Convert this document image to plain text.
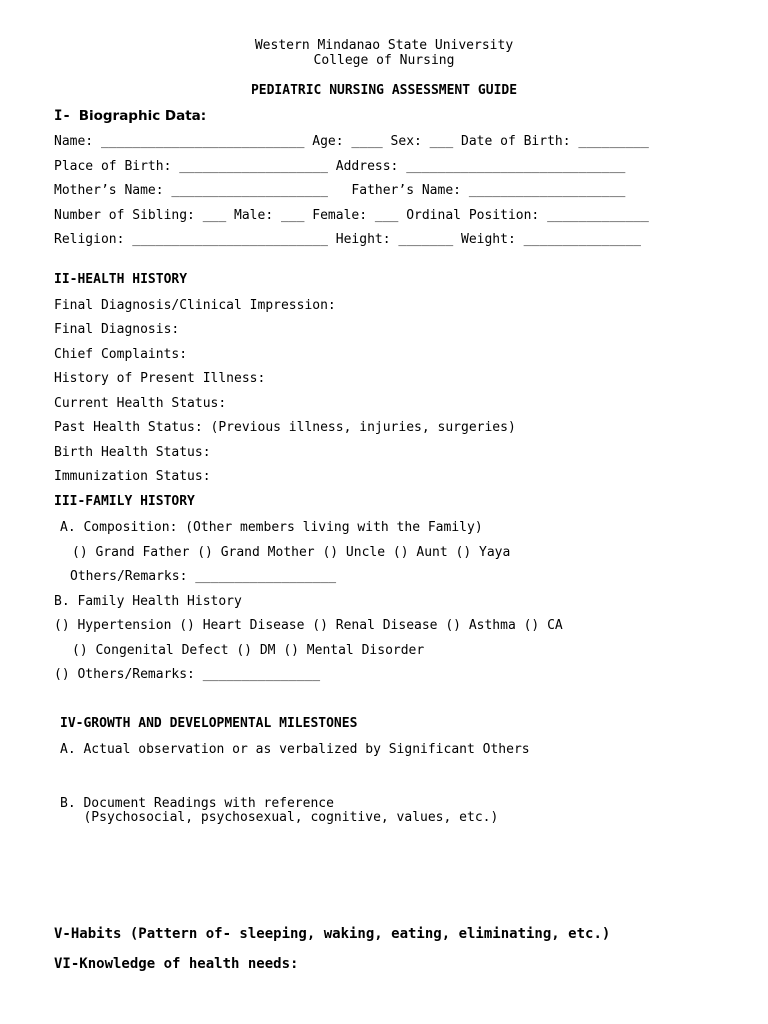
Western Mindanao State University
College of Nursing
PEDIATRIC NURSING ASSESSMENT GUIDE
I- Biographic Data:
Name: __________________________ Age: ____ Sex: ___ Date of Birth: _________
Place of Birth: ___________________ Address: ____________________________
Mother’s Name: ____________________   Father’s Name: ____________________
Number of Sibling: ___ Male: ___ Female: ___ Ordinal Position: _____________
Religion: _________________________ Height: _______ Weight: _______________
II-HEALTH HISTORY
Final Diagnosis/Clinical Impression:
Final Diagnosis:
Chief Complaints:
History of Present Illness:
Current Health Status:
Past Health Status: (Previous illness, injuries, surgeries)
Birth Health Status:
Immunization Status:
III-FAMILY HISTORY
A. Composition: (Other members living with the Family)
() Grand Father () Grand Mother () Uncle () Aunt () Yaya
Others/Remarks: __________________
B. Family Health History
() Hypertension () Heart Disease () Renal Disease () Asthma () CA
() Congenital Defect () DM () Mental Disorder
() Others/Remarks: _______________
IV-GROWTH AND DEVELOPMENTAL MILESTONES
A. Actual observation or as verbalized by Significant Others
B. Document Readings with reference
(Psychosocial, psychosexual, cognitive, values, etc.)
V-Habits (Pattern of- sleeping, waking, eating, eliminating, etc.)
VI-Knowledge of health needs:
